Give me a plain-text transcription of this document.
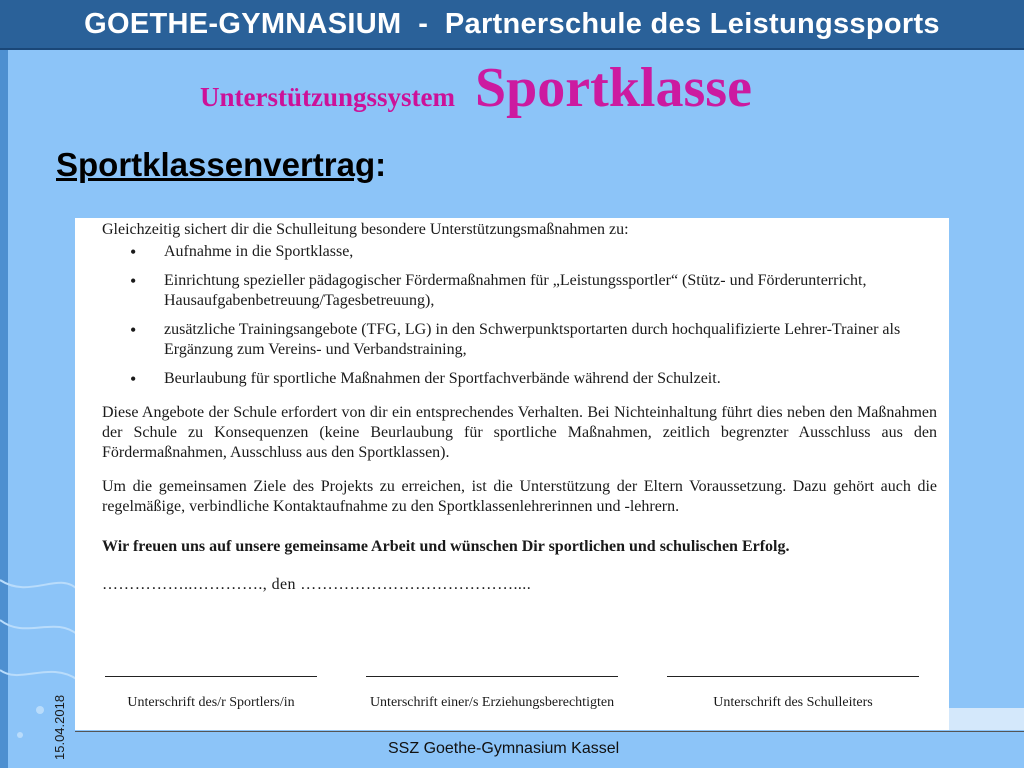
GOETHE-GYMNASIUM  -  Partnerschule des Leistungssports
Unterstützungssystem Sportklasse
Sportklassenvertrag:

Gleichzeitig sichert dir die Schulleitung besondere Unterstützungsmaßnahmen zu:

• Aufnahme in die Sportklasse,
• Einrichtung spezieller pädagogischer Fördermaßnahmen für „Leistungssportler“ (Stütz- und Förderunterricht, Hausaufgabenbetreuung/Tagesbetreuung),
• zusätzliche Trainingsangebote (TFG, LG) in den Schwerpunktsportarten durch hochqualifizierte Lehrer-Trainer als Ergänzung zum Vereins- und Verbandstraining,
• Beurlaubung für sportliche Maßnahmen der Sportfachverbände während der Schulzeit.

Diese Angebote der Schule erfordert von dir ein entsprechendes Verhalten. Bei Nichteinhaltung führt dies neben den Maßnahmen der Schule zu Konsequenzen (keine Beurlaubung für sportliche Maßnahmen, zeitlich begrenzter Ausschluss aus den Fördermaßnahmen, Ausschluss aus den Sportklassen).

Um die gemeinsamen Ziele des Projekts zu erreichen, ist die Unterstützung der Eltern Voraussetzung. Dazu gehört auch die regelmäßige, verbindliche Kontaktaufnahme zu den Sportklassenlehrerinnen und -lehrern.

Wir freuen uns auf unsere gemeinsame Arbeit und wünschen Dir sportlichen und schulischen Erfolg.

……………..…………., den …………………………………....

Unterschrift des/r Sportlers/in	Unterschrift einer/s Erziehungsberechtigten	Unterschrift des Schulleiters
15.04.2018	SSZ Goethe-Gymnasium Kassel
